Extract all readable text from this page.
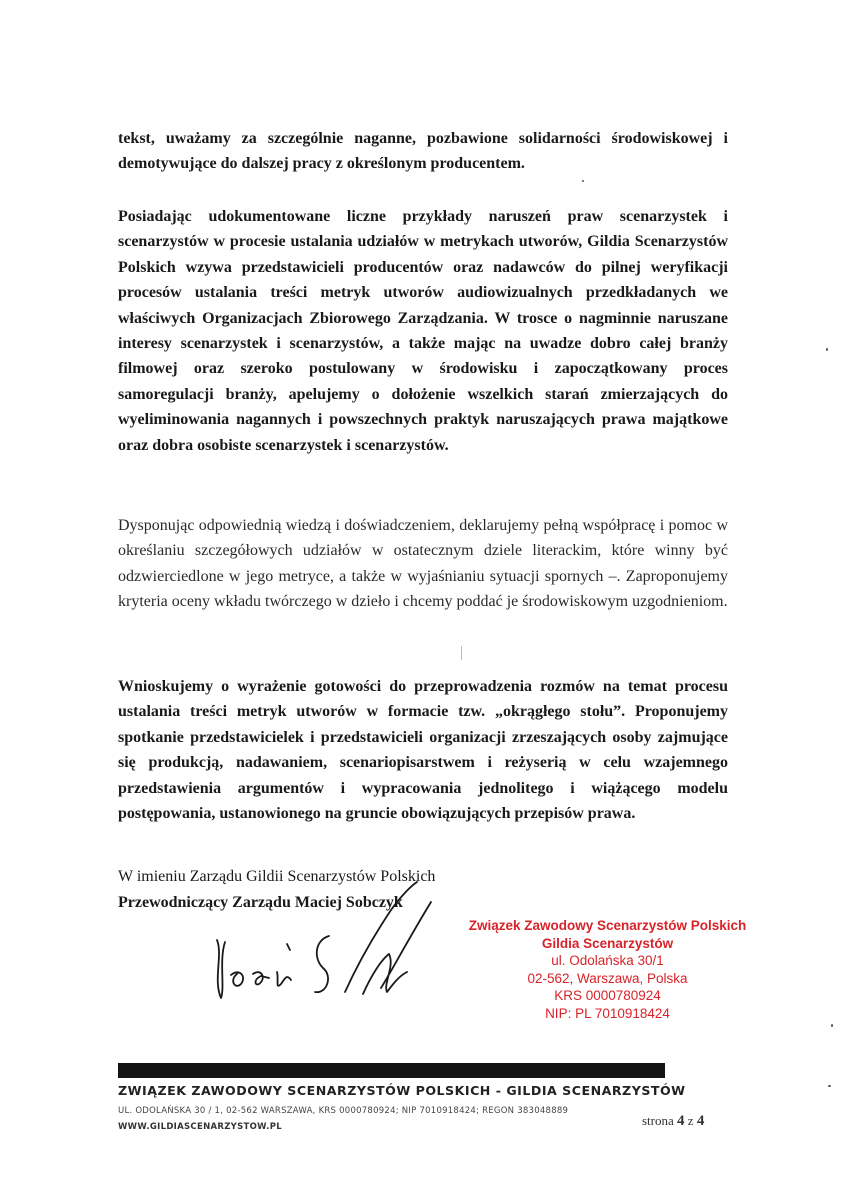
tekst, uważamy za szczególnie naganne, pozbawione solidarności środowiskowej i demotywujące do dalszej pracy z określonym producentem.

Posiadając udokumentowane liczne przykłady naruszeń praw scenarzystek i scenarzystów w procesie ustalania udziałów w metrykach utworów, Gildia Scenarzystów Polskich wzywa przedstawicieli producentów oraz nadawców do pilnej weryfikacji procesów ustalania treści metryk utworów audiowizualnych przedkładanych we właściwych Organizacjach Zbiorowego Zarządzania. W trosce o nagminnie naruszane interesy scenarzystek i scenarzystów, a także mając na uwadze dobro całej branży filmowej oraz szeroko postulowany w środowisku i zapoczątkowany proces samoregulacji branży, apelujemy o dołożenie wszelkich starań zmierzających do wyeliminowania nagannych i powszechnych praktyk naruszających prawa majątkowe oraz dobra osobiste scenarzystek i scenarzystów.

Dysponując odpowiednią wiedzą i doświadczeniem, deklarujemy pełną współpracę i pomoc w określaniu szczegółowych udziałów w ostatecznym dziele literackim, które winny być odzwierciedlone w jego metryce, a także w wyjaśnianiu sytuacji spornych –. Zaproponujemy kryteria oceny wkładu twórczego w dzieło i chcemy poddać je środowiskowym uzgodnieniom.

Wnioskujemy o wyrażenie gotowości do przeprowadzenia rozmów na temat procesu ustalania treści metryk utworów w formacie tzw. „okrągłego stołu”. Proponujemy spotkanie przedstawicielek i przedstawicieli organizacji zrzeszających osoby zajmujące się produkcją, nadawaniem, scenariopisarstwem i reżyserią w celu wzajemnego przedstawienia argumentów i wypracowania jednolitego i wiążącego modelu postępowania, ustanowionego na gruncie obowiązujących przepisów prawa.

W imieniu Zarządu Gildii Scenarzystów Polskich
Przewodniczący Zarządu Maciej Sobczyk
Związek Zawodowy Scenarzystów Polskich
Gildia Scenarzystów
ul. Odolańska 30/1
02-562, Warszawa, Polska
KRS 0000780924
NIP: PL 7010918424
ZWIĄZEK ZAWODOWY SCENARZYSTÓW POLSKICH - GILDIA SCENARZYSTÓW
UL. ODOLAŃSKA 30 / 1, 02-562 WARSZAWA, KRS 0000780924; NIP 7010918424; REGON 383048889
WWW.GILDIASCENARZYSTOW.PL	strona 4 z 4
